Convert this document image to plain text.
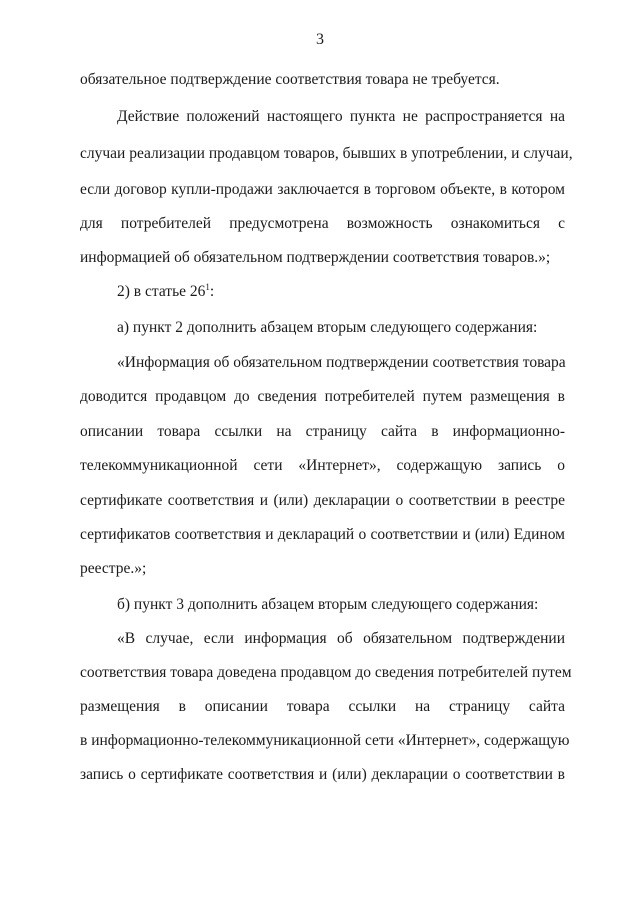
3
обязательное подтверждение соответствия товара не требуется.
Действие положений настоящего пункта не распространяется на
случаи реализации продавцом товаров, бывших в употреблении, и случаи,
если договор купли-продажи заключается в торговом объекте, в котором
для потребителей предусмотрена возможность ознакомиться с
информацией об обязательном подтверждении соответствия товаров.»;
2) в статье $26^1$:
а) пункт 2 дополнить абзацем вторым следующего содержания:
«Информация об обязательном подтверждении соответствия товара
доводится продавцом до сведения потребителей путем размещения в
описании товара ссылки на страницу сайта в информационно-
телекоммуникационной сети «Интернет», содержащую запись о
сертификате соответствия и (или) декларации о соответствии в реестре
сертификатов соответствия и деклараций о соответствии и (или) Едином
реестре.»;
б) пункт 3 дополнить абзацем вторым следующего содержания:
«В случае, если информация об обязательном подтверждении
соответствия товара доведена продавцом до сведения потребителей путем
размещения в описании товара ссылки на страницу сайта
в информационно-телекоммуникационной сети «Интернет», содержащую
запись о сертификате соответствия и (или) декларации о соответствии в
